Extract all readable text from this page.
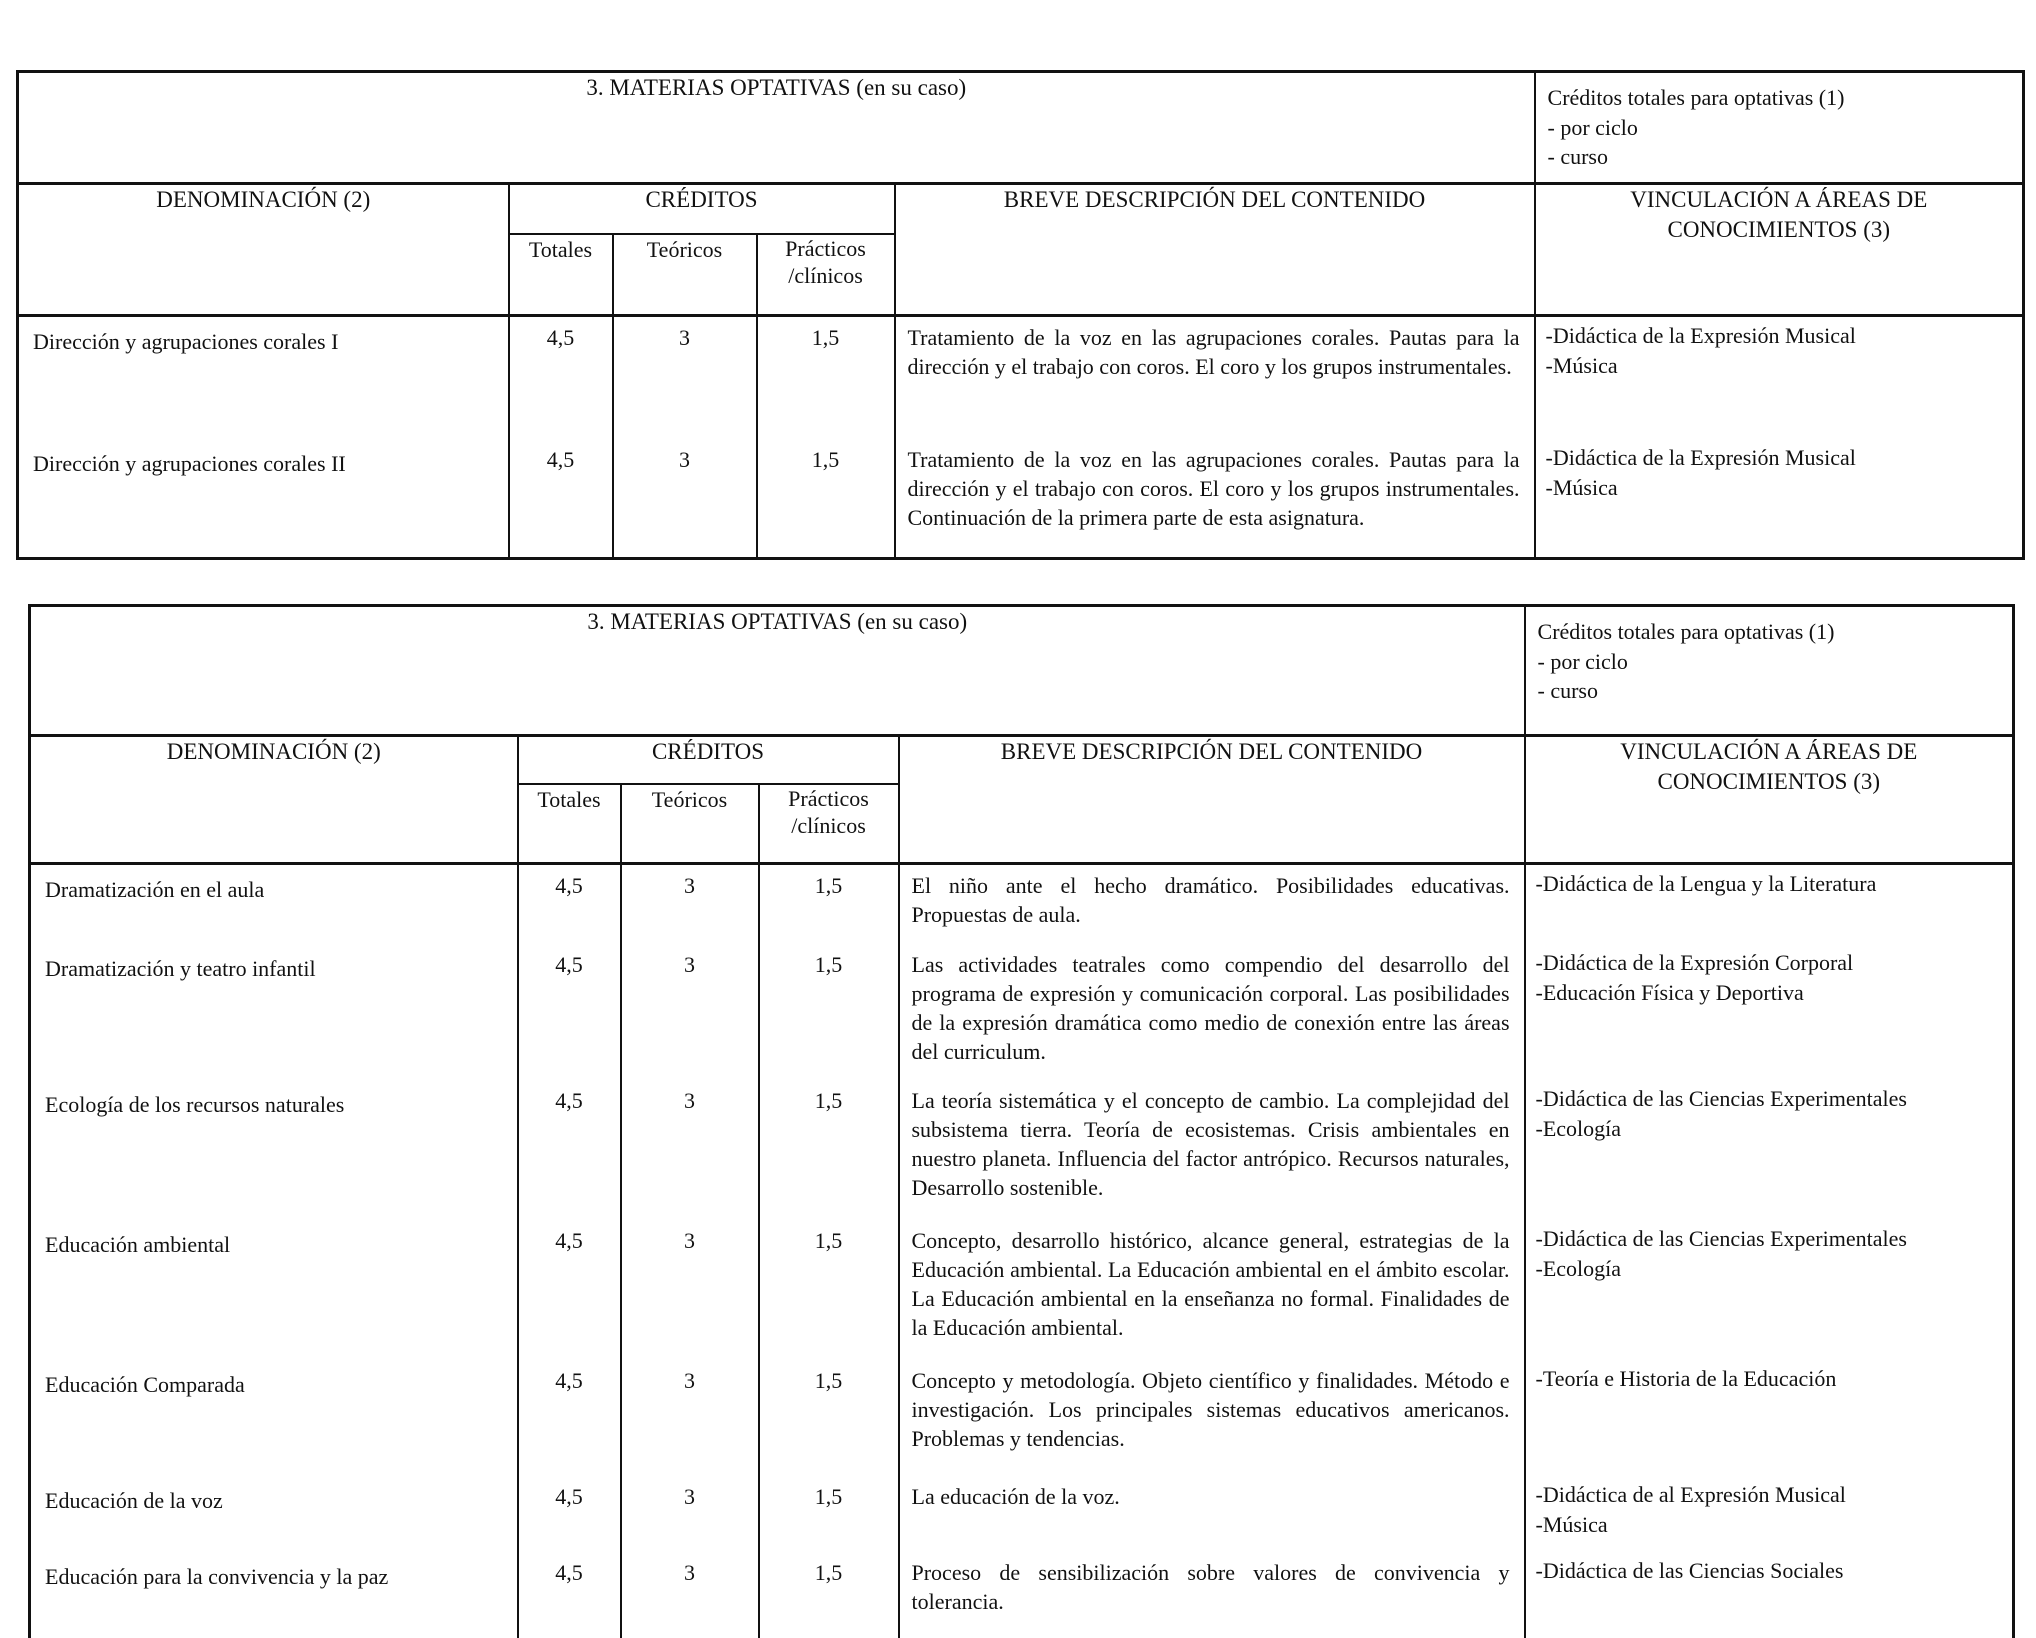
3. MATERIAS OPTATIVAS (en su caso)					Créditos totales para optativas (1)
- por ciclo
- curso

DENOMINACIÓN (2)	CRÉDITOS			BREVE DESCRIPCIÓN DEL CONTENIDO	VINCULACIÓN A ÁREAS DE CONOCIMIENTOS (3)
	Totales	Teóricos	Prácticos /clínicos		
Dirección y agrupaciones corales I	4,5	3	1,5	Tratamiento de la voz en las agrupaciones corales. Pautas para la dirección y el trabajo con coros. El coro y los grupos instrumentales.	-Didáctica de la Expresión Musical
-Música

Dirección y agrupaciones corales II	4,5	3	1,5	Tratamiento de la voz en las agrupaciones corales. Pautas para la dirección y el trabajo con coros. El coro y los grupos instrumentales. Continuación de la primera parte de esta asignatura.	-Didáctica de la Expresión Musical
-Música
3. MATERIAS OPTATIVAS (en su caso)					Créditos totales para optativas (1)
- por ciclo
- curso

DENOMINACIÓN (2)	CRÉDITOS			BREVE DESCRIPCIÓN DEL CONTENIDO	VINCULACIÓN A ÁREAS DE CONOCIMIENTOS (3)
	Totales	Teóricos	Prácticos /clínicos		
Dramatización en el aula	4,5	3	1,5	El niño ante el hecho dramático. Posibilidades educativas. Propuestas de aula.	-Didáctica de la Lengua y la Literatura

Dramatización y teatro infantil	4,5	3	1,5	Las actividades teatrales como compendio del desarrollo del programa de expresión y comunicación corporal. Las posibilidades de la expresión dramática como medio de conexión entre las áreas del curriculum.	-Didáctica de la Expresión Corporal
-Educación Física y Deportiva

Ecología de los recursos naturales	4,5	3	1,5	La teoría sistemática y el concepto de cambio. La complejidad del subsistema tierra. Teoría de ecosistemas. Crisis ambientales en nuestro planeta. Influencia del factor antrópico. Recursos naturales, Desarrollo sostenible.	-Didáctica de las Ciencias Experimentales
-Ecología

Educación ambiental	4,5	3	1,5	Concepto, desarrollo histórico, alcance general, estrategias de la Educación ambiental. La Educación ambiental en el ámbito escolar. La Educación ambiental en la enseñanza no formal. Finalidades de la Educación ambiental.	-Didáctica de las Ciencias Experimentales
-Ecología

Educación Comparada	4,5	3	1,5	Concepto y metodología. Objeto científico y finalidades. Método e investigación. Los principales sistemas educativos americanos. Problemas y tendencias.	-Teoría e Historia de la Educación

Educación de la voz	4,5	3	1,5	La educación de la voz.	-Didáctica de al Expresión Musical
-Música

Educación para la convivencia y la paz	4,5	3	1,5	Proceso de sensibilización sobre valores de convivencia y tolerancia.	-Didáctica de las Ciencias Sociales
